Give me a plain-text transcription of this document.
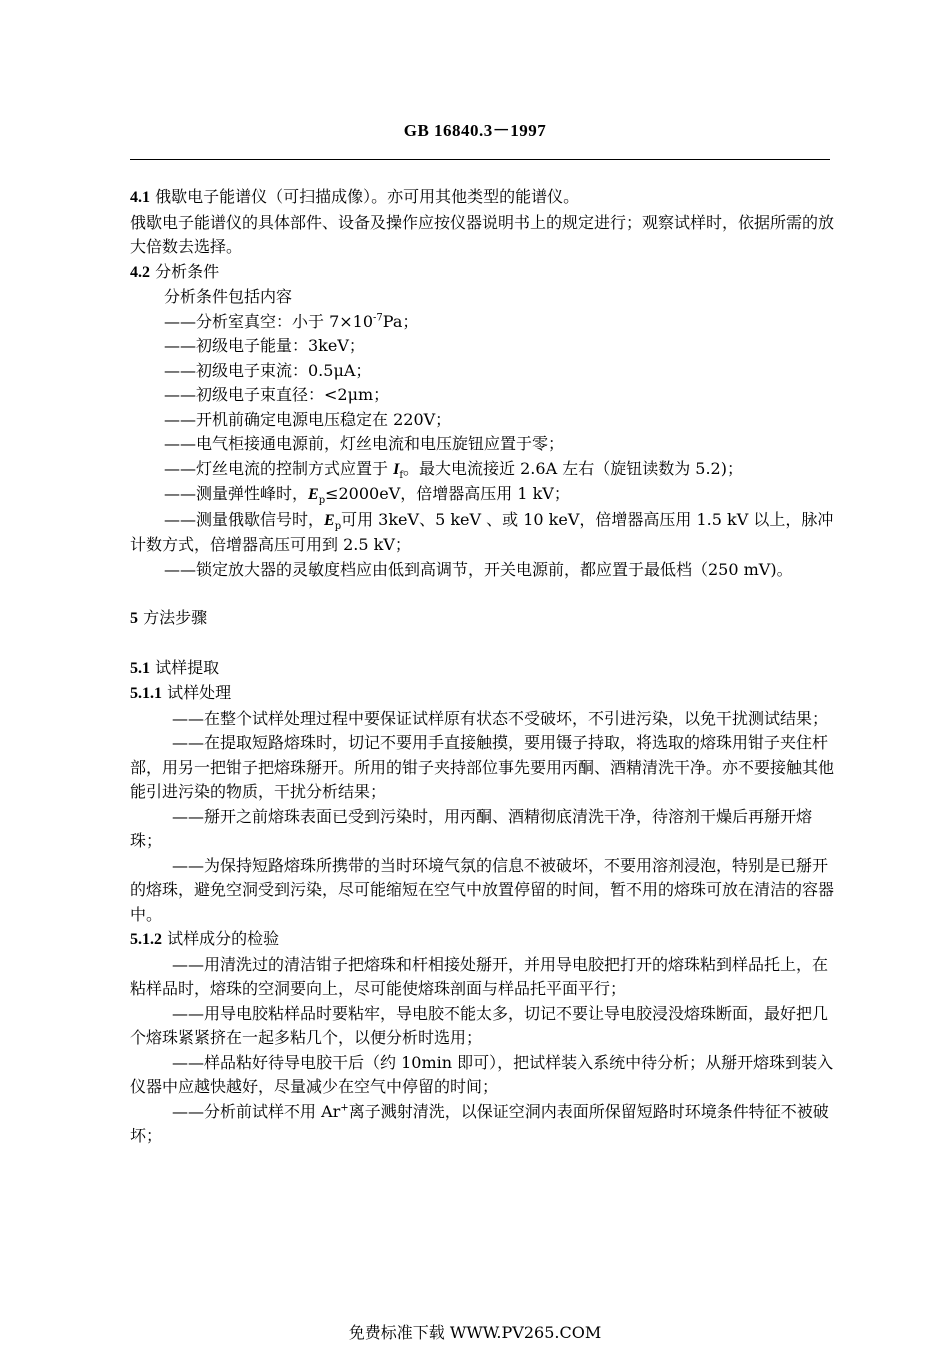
GB 16840.3－1997

4.1 俄歇电子能谱仪（可扫描成像）。亦可用其他类型的能谱仪。

俄歇电子能谱仪的具体部件、设备及操作应按仪器说明书上的规定进行；观察试样时，依据所需的放大倍数去选择。

4.2 分析条件

分析条件包括内容

——分析室真空：小于 $7\times 10^{-7}Pa$；

——初级电子能量：3keV；

——初级电子束流：0.5μA；

——初级电子束直径：<2μm；

——开机前确定电源电压稳定在 220V；

——电气柜接通电源前，灯丝电流和电压旋钮应置于零；

——灯丝电流的控制方式应置于 $I_f$。最大电流接近 2.6A 左右（旋钮读数为 5.2)；

——测量弹性峰时，$E_p\le 2000eV$，倍增器高压用 1 kV；

——测量俄歇信号时，$E_p$可用 3keV、5 keV 、或 10 keV，倍增器高压用 1.5 kV 以上，脉冲计数方式，倍增器高压可用到 2.5 kV；

——锁定放大器的灵敏度档应由低到高调节，开关电源前，都应置于最低档（250 mV)。

5 方法步骤

5.1 试样提取

5.1.1 试样处理

——在整个试样处理过程中要保证试样原有状态不受破坏，不引进污染，以免干扰测试结果；

——在提取短路熔珠时，切记不要用手直接触摸，要用镊子持取，将选取的熔珠用钳子夹住杆部，用另一把钳子把熔珠掰开。所用的钳子夹持部位事先要用丙酮、酒精清洗干净。亦不要接触其他能引进污染的物质，干扰分析结果；

——掰开之前熔珠表面已受到污染时，用丙酮、酒精彻底清洗干净，待溶剂干燥后再掰开熔珠；

——为保持短路熔珠所携带的当时环境气氛的信息不被破坏，不要用溶剂浸泡，特别是已掰开的熔珠，避免空洞受到污染，尽可能缩短在空气中放置停留的时间，暂不用的熔珠可放在清洁的容器中。

5.1.2 试样成分的检验

——用清洗过的清洁钳子把熔珠和杆相接处掰开，并用导电胶把打开的熔珠粘到样品托上，在粘样品时，熔珠的空洞要向上，尽可能使熔珠剖面与样品托平面平行；

——用导电胶粘样品时要粘牢，导电胶不能太多，切记不要让导电胶浸没熔珠断面，最好把几个熔珠紧紧挤在一起多粘几个，以便分析时选用；

——样品粘好待导电胶干后（约 10min 即可），把试样装入系统中待分析；从掰开熔珠到装入仪器中应越快越好，尽量减少在空气中停留的时间；

——分析前试样不用 Ar+离子溅射清洗，以保证空洞内表面所保留短路时环境条件特征不被破坏；

免费标准下载 WWW.PV265.COM
